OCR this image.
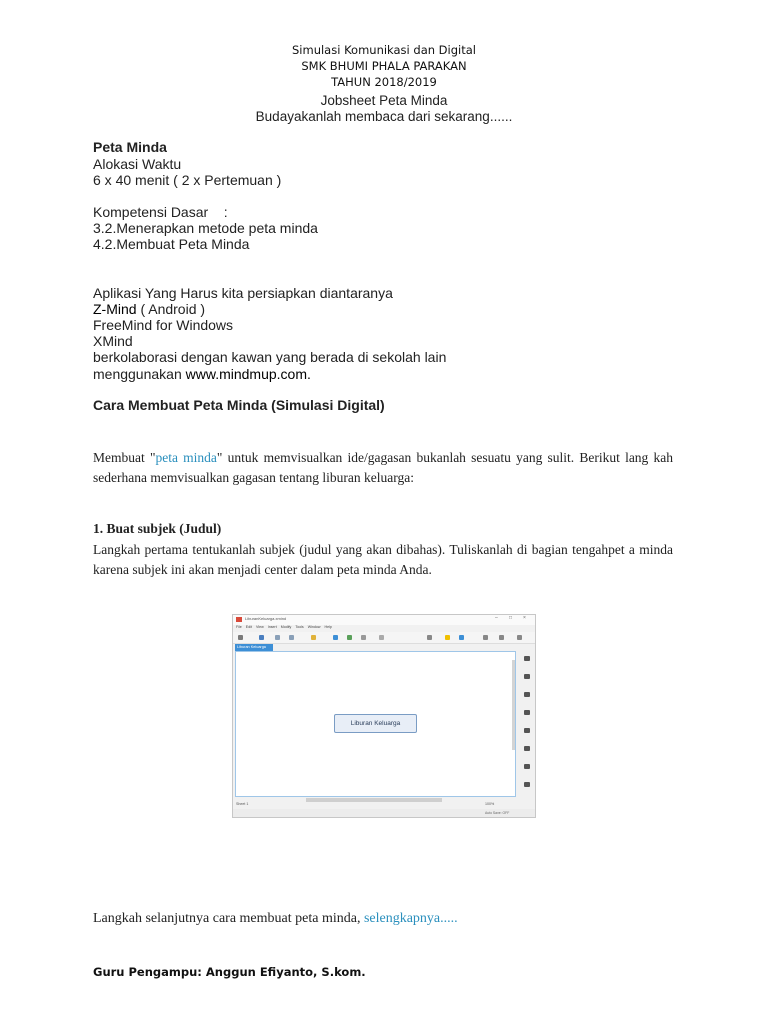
Simulasi Komunikasi dan Digital

SMK BHUMI PHALA PARAKAN

TAHUN 2018/2019

Jobsheet Peta Minda

Budayakanlah membaca dari sekarang......

Peta Minda

Alokasi Waktu

6 x 40 menit ( 2 x Pertemuan )

Kompetensi Dasar    :

3.2.Menerapkan metode peta minda

4.2.Membuat Peta Minda

Aplikasi Yang Harus kita persiapkan diantaranya

Z-Mind ( Android )

FreeMind for Windows

XMind

berkolaborasi dengan kawan yang berada di sekolah lain

menggunakan www.mindmup.com.

Cara Membuat Peta Minda (Simulasi Digital)

Membuat "peta minda" untuk memvisualkan ide/gagasan bukanlah sesuatu yang sulit. Berikut lang kah sederhana memvisualkan gagasan tentang liburan keluarga:

1. Buat subjek (Judul)

Langkah pertama tentukanlah subjek (judul yang akan dibahas). Tuliskanlah di bagian tengahpet a minda karena subjek ini akan menjadi center dalam peta minda Anda.

LiburanKeluarga.xmind	– □ ×
File Edit View Insert Modify Tools Window Help
Liburan Keluarga
Liburan Keluarga
Sheet 1	100%
Auto Save: OFF

Langkah selanjutnya cara membuat peta minda, selengkapnya.....

Guru Pengampu: Anggun Efiyanto, S.kom.
